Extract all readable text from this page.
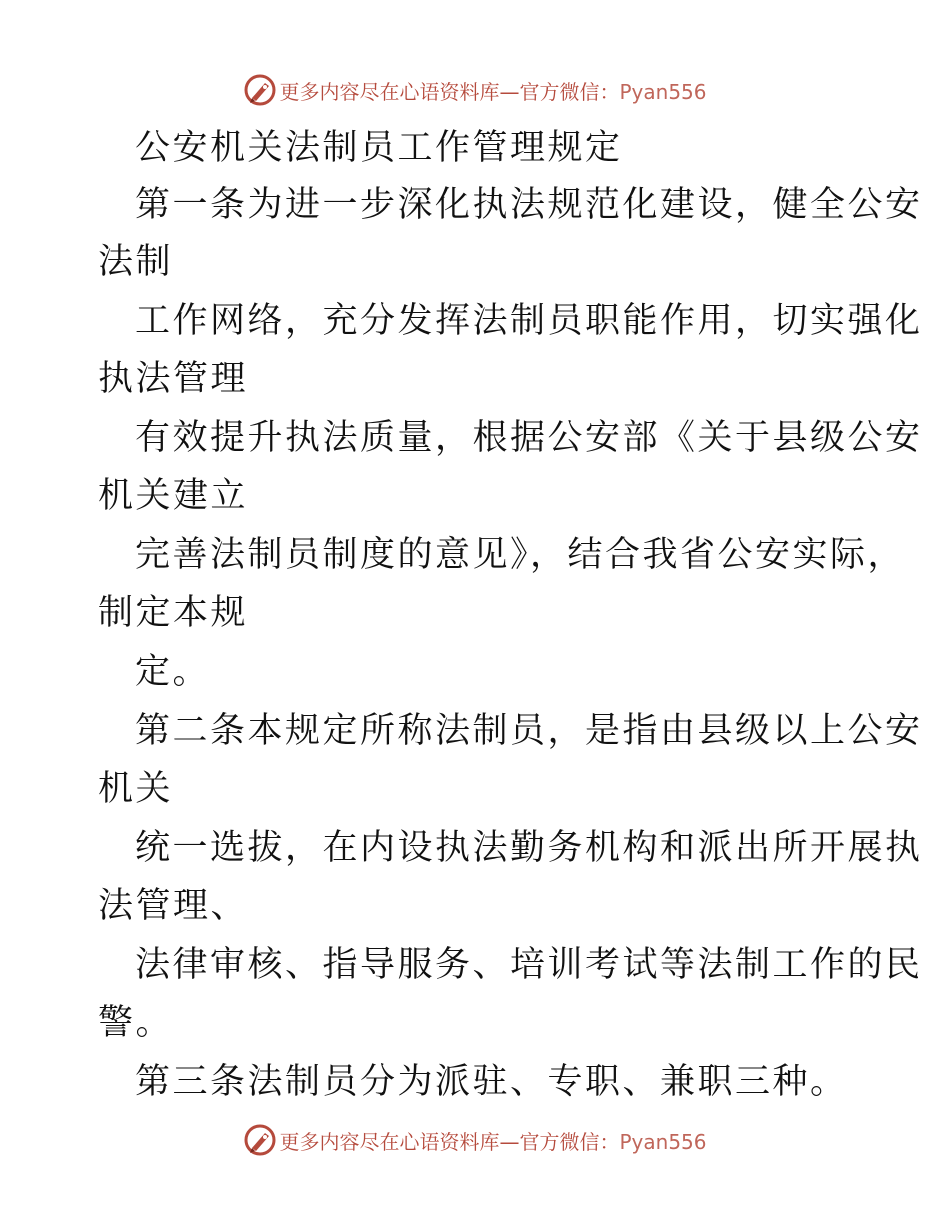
更多内容尽在心语资料库—官方微信：Pyan556
公安机关法制员工作管理规定
第一条为进一步深化执法规范化建设，健全公安
法制
工作网络，充分发挥法制员职能作用，切实强化
执法管理
有效提升执法质量，根据公安部《关于县级公安
机关建立
完善法制员制度的意见》，结合我省公安实际，
制定本规
定。
第二条本规定所称法制员，是指由县级以上公安
机关
统一选拔，在内设执法勤务机构和派出所开展执
法管理、
法律审核、指导服务、培训考试等法制工作的民
警。
第三条法制员分为派驻、专职、兼职三种。
更多内容尽在心语资料库—官方微信：Pyan556
